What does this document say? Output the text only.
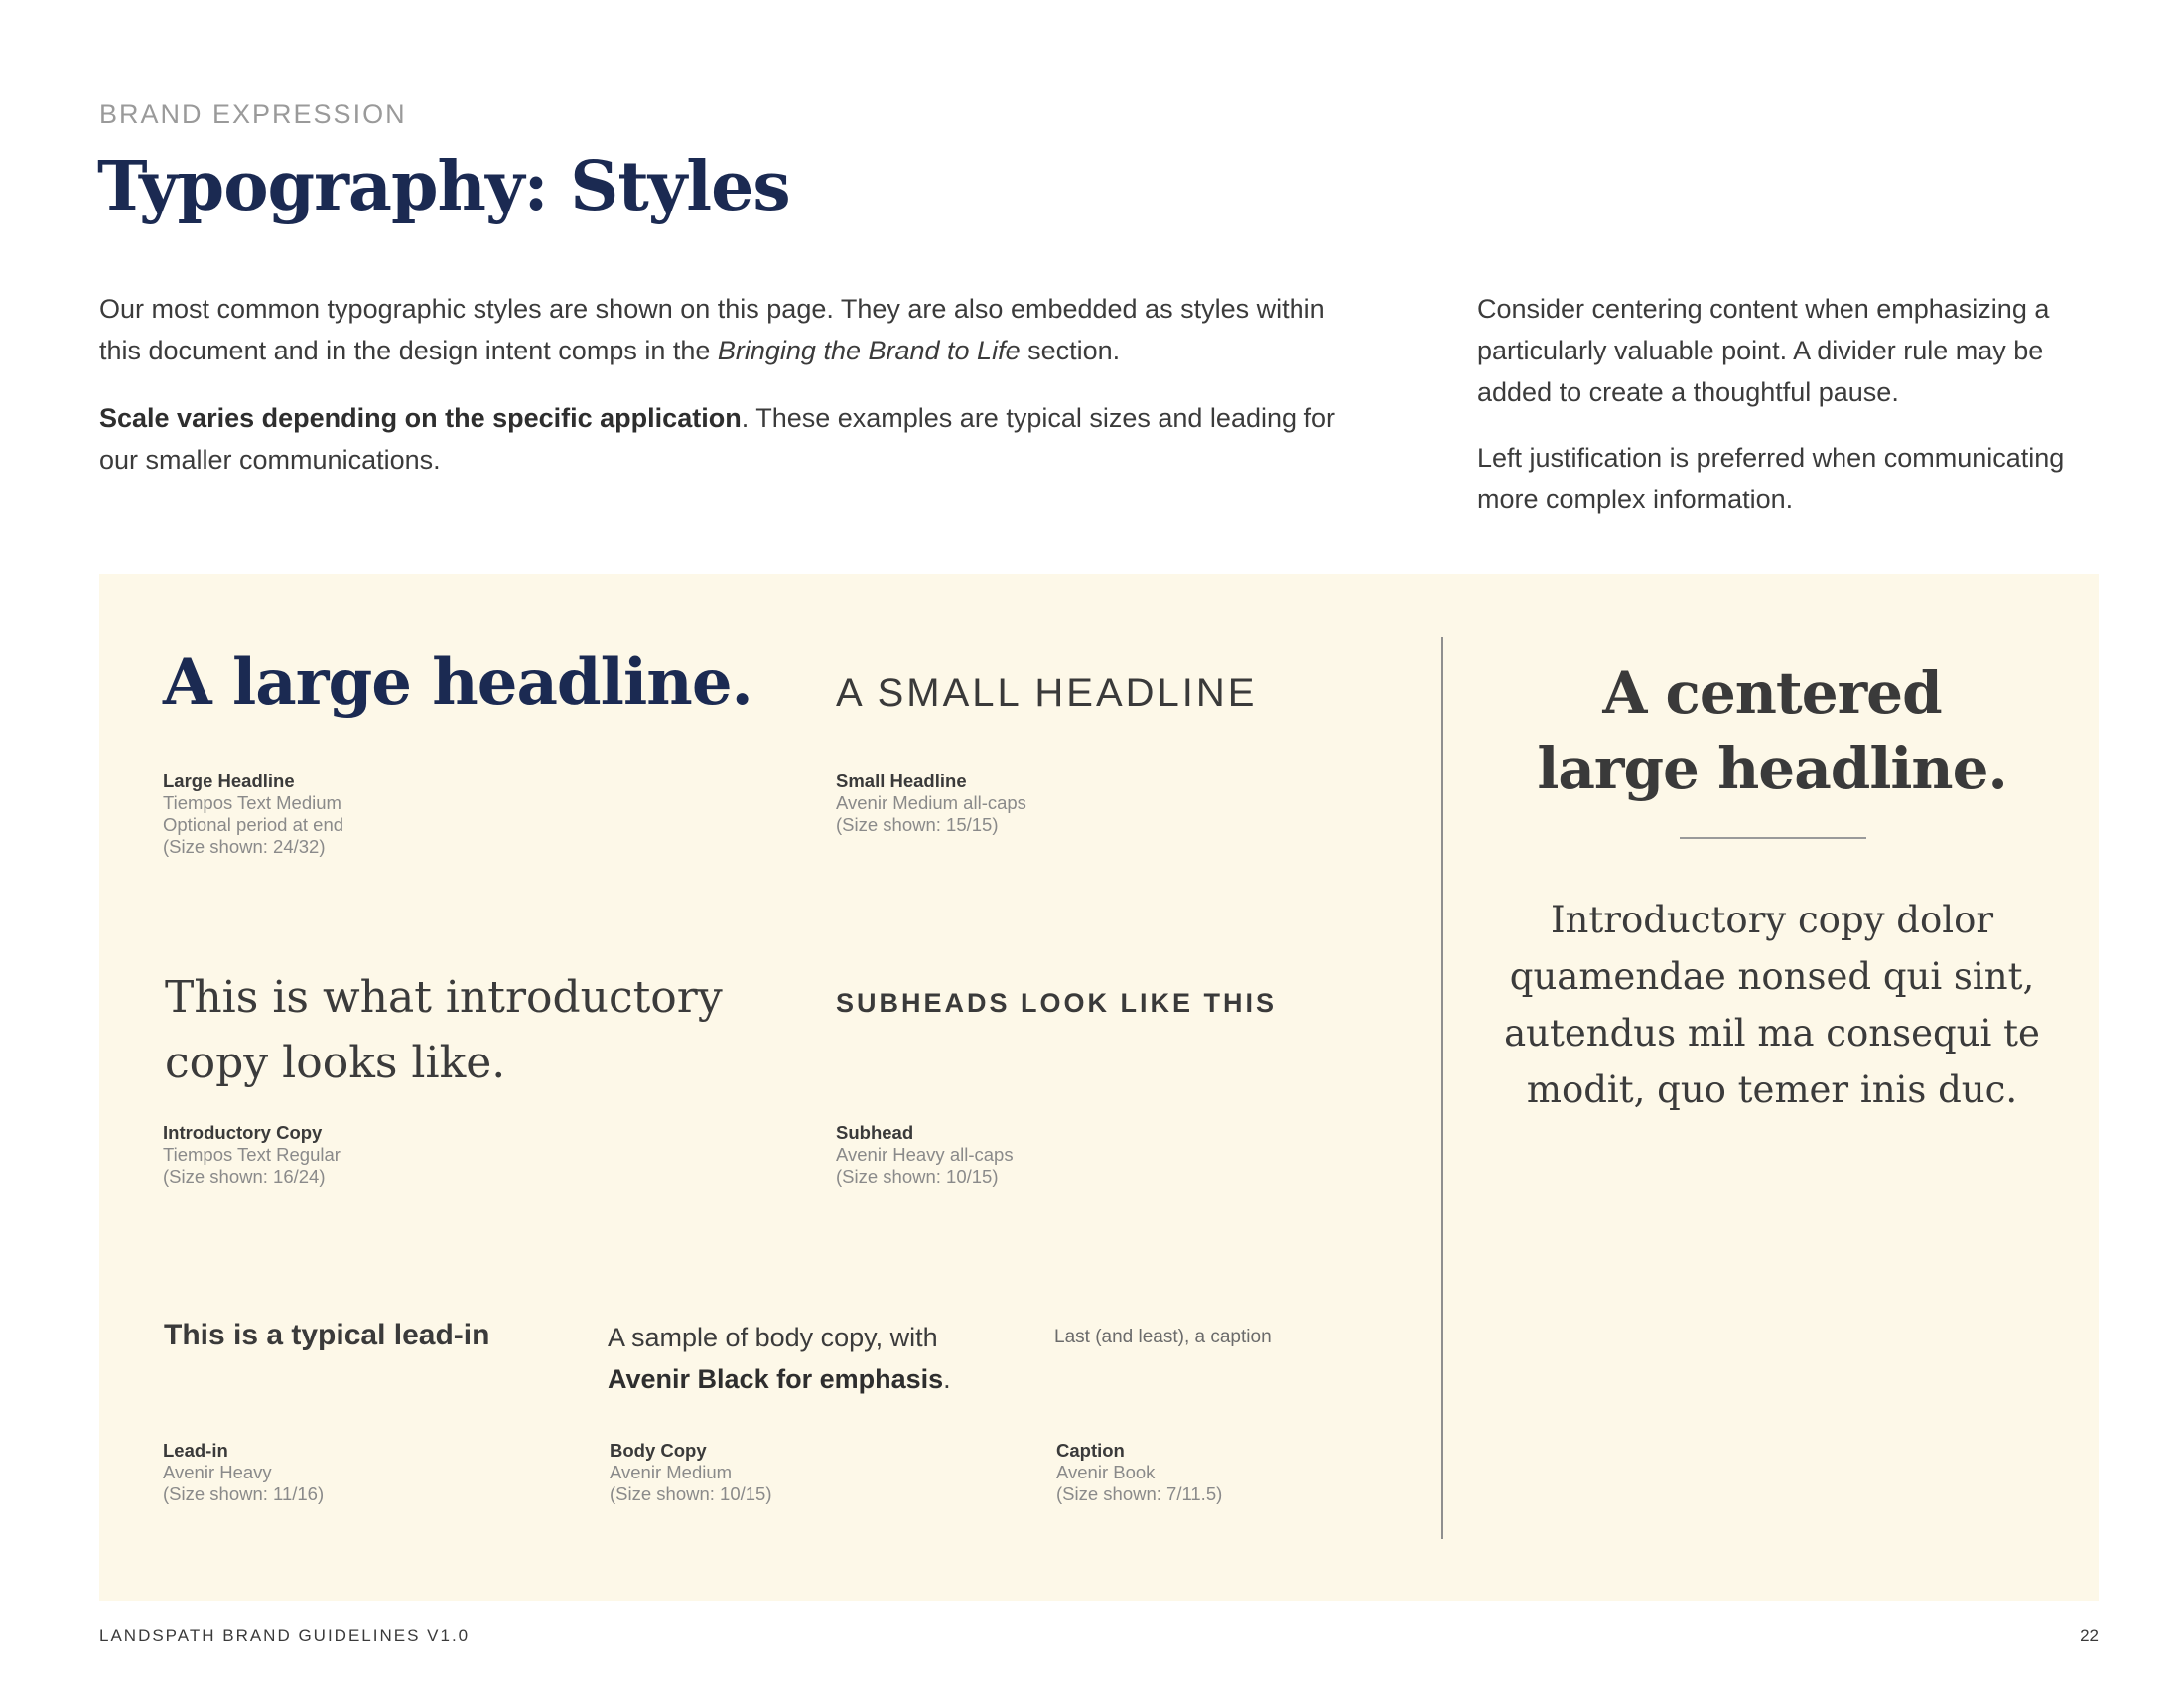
BRAND EXPRESSION
Typography: Styles

Our most common typographic styles are shown on this page. They are also embedded as styles within this document and in the design intent comps in the Bringing the Brand to Life section.

Scale varies depending on the specific application. These examples are typical sizes and leading for our smaller communications.

Consider centering content when emphasizing a particularly valuable point. A divider rule may be added to create a thoughtful pause.

Left justification is preferred when communicating more complex information.

A large headline.
Large Headline
Tiempos Text Medium
Optional period at end
(Size shown: 24/32)
A SMALL HEADLINE
Small Headline
Avenir Medium all-caps
(Size shown: 15/15)
This is what introductory copy looks like.
Introductory Copy
Tiempos Text Regular
(Size shown: 16/24)
SUBHEADS LOOK LIKE THIS
Subhead
Avenir Heavy all-caps
(Size shown: 10/15)
This is a typical lead-in
Lead-in
Avenir Heavy
(Size shown: 11/16)
A sample of body copy, with Avenir Black for emphasis.
Body Copy
Avenir Medium
(Size shown: 10/15)
Last (and least), a caption
Caption
Avenir Book
(Size shown: 7/11.5)
A centered
large headline.
Introductory copy dolor quamendae nonsed qui sint, autendus mil ma consequi te modit, quo temer inis duc.
LANDSPATH BRAND GUIDELINES V1.0	22
